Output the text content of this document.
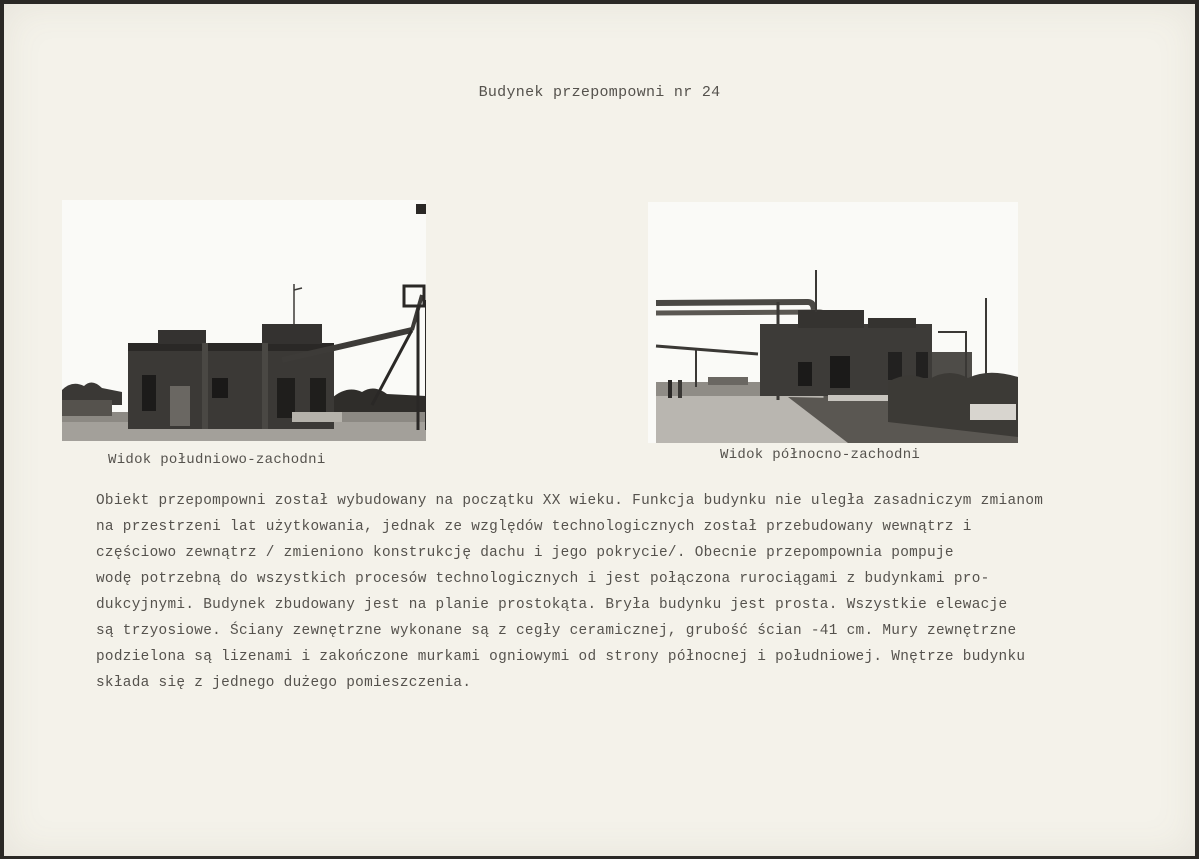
Budynek przepompowni nr 24
Widok południowo-zachodni	Widok północno-zachodni
Obiekt przepompowni został wybudowany na początku XX wieku. Funkcja budynku nie uległa zasadniczym zmianom
na przestrzeni lat użytkowania, jednak ze względów technologicznych został przebudowany wewnątrz i
częściowo zewnątrz / zmieniono konstrukcję dachu i jego pokrycie/. Obecnie przepompownia pompuje
wodę potrzebną do wszystkich procesów technologicznych i jest połączona rurociągami z budynkami pro-
dukcyjnymi. Budynek zbudowany jest na planie prostokąta. Bryła budynku jest prosta. Wszystkie elewacje
są trzyosiowe. Ściany zewnętrzne wykonane są z cegły ceramicznej, grubość ścian -41 cm. Mury zewnętrzne
podzielona są lizenami i zakończone murkami ogniowymi od strony północnej i południowej. Wnętrze budynku
składa się z jednego dużego pomieszczenia.
